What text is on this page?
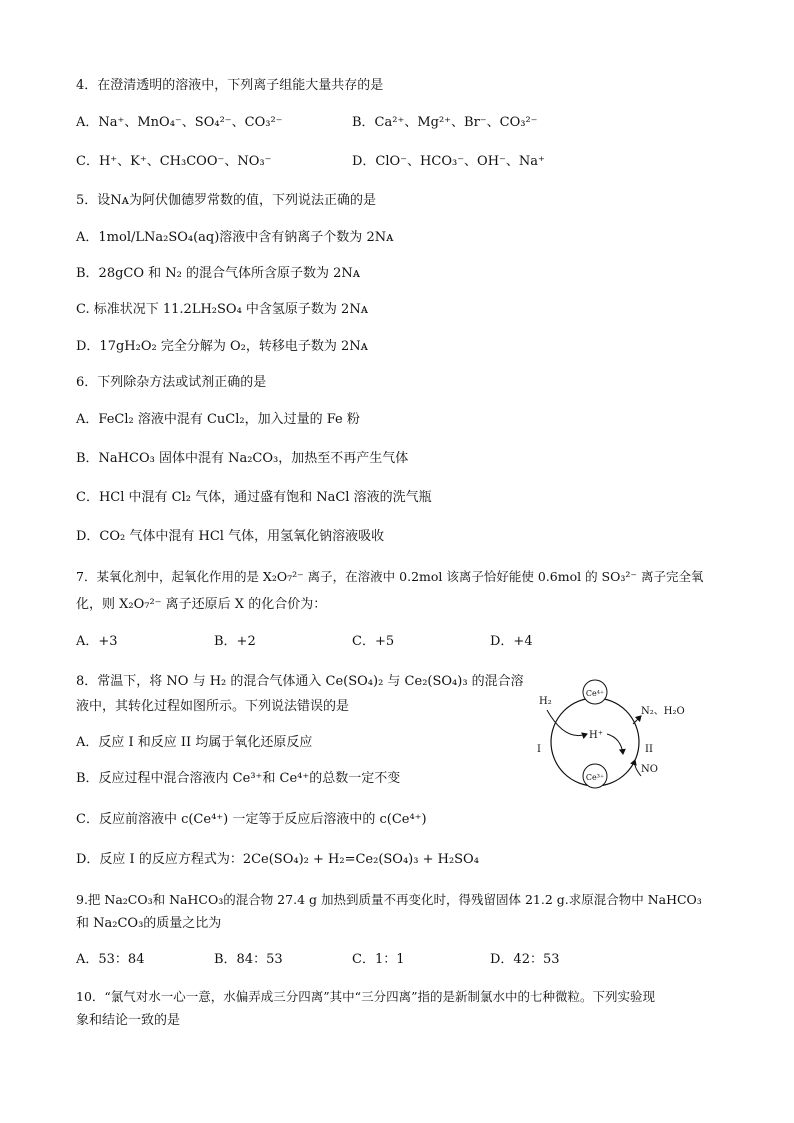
4．在澄清透明的溶液中，下列离子组能大量共存的是
A．Na⁺、MnO₄⁻、SO₄²⁻、CO₃²⁻	B．Ca²⁺、Mg²⁺、Br⁻、CO₃²⁻
C．H⁺、K⁺、CH₃COO⁻、NO₃⁻	D．ClO⁻、HCO₃⁻、OH⁻、Na⁺
5．设Nᴀ为阿伏伽德罗常数的值，下列说法正确的是
A．1mol/LNa₂SO₄(aq)溶液中含有钠离子个数为 2Nᴀ
B．28gCO 和 N₂ 的混合气体所含原子数为 2Nᴀ
C. 标准状况下 11.2LH₂SO₄ 中含氢原子数为 2Nᴀ
D．17gH₂O₂ 完全分解为 O₂，转移电子数为 2Nᴀ
6．下列除杂方法或试剂正确的是
A．FeCl₂ 溶液中混有 CuCl₂，加入过量的 Fe 粉
B．NaHCO₃ 固体中混有 Na₂CO₃，加热至不再产生气体
C．HCl 中混有 Cl₂ 气体，通过盛有饱和 NaCl 溶液的洗气瓶
D．CO₂ 气体中混有 HCl 气体，用氢氧化钠溶液吸收
7．某氧化剂中，起氧化作用的是 X₂O₇²⁻ 离子，在溶液中 0.2mol 该离子恰好能使 0.6mol 的 SO₃²⁻ 离子完全氧
化，则 X₂O₇²⁻ 离子还原后 X 的化合价为：
A．+3	B．+2	C．+5	D．+4
8．常温下，将 NO 与 H₂ 的混合气体通入 Ce(SO₄)₂ 与 Ce₂(SO₄)₃ 的混合溶
液中，其转化过程如图所示。下列说法错误的是
A．反应 I 和反应 II 均属于氧化还原反应
B．反应过程中混合溶液内 Ce³⁺和 Ce⁴⁺的总数一定不变
C．反应前溶液中 c(Ce⁴⁺) 一定等于反应后溶液中的 c(Ce⁴⁺)
D．反应 I 的反应方程式为：2Ce(SO₄)₂ + H₂=Ce₂(SO₄)₃ + H₂SO₄
Ce⁴⁺
Ce³⁺
H₂
H⁺
N₂、H₂O
NO
I	II
9.把 Na₂CO₃和 NaHCO₃的混合物 27.4 g 加热到质量不再变化时，得残留固体 21.2 g.求原混合物中 NaHCO₃
和 Na₂CO₃的质量之比为
A．53：84	B．84：53	C．1：1	D．42：53
10．“氯气对水一心一意，水偏弄成三分四离”其中“三分四离”指的是新制氯水中的七种微粒。下列实验现
象和结论一致的是
